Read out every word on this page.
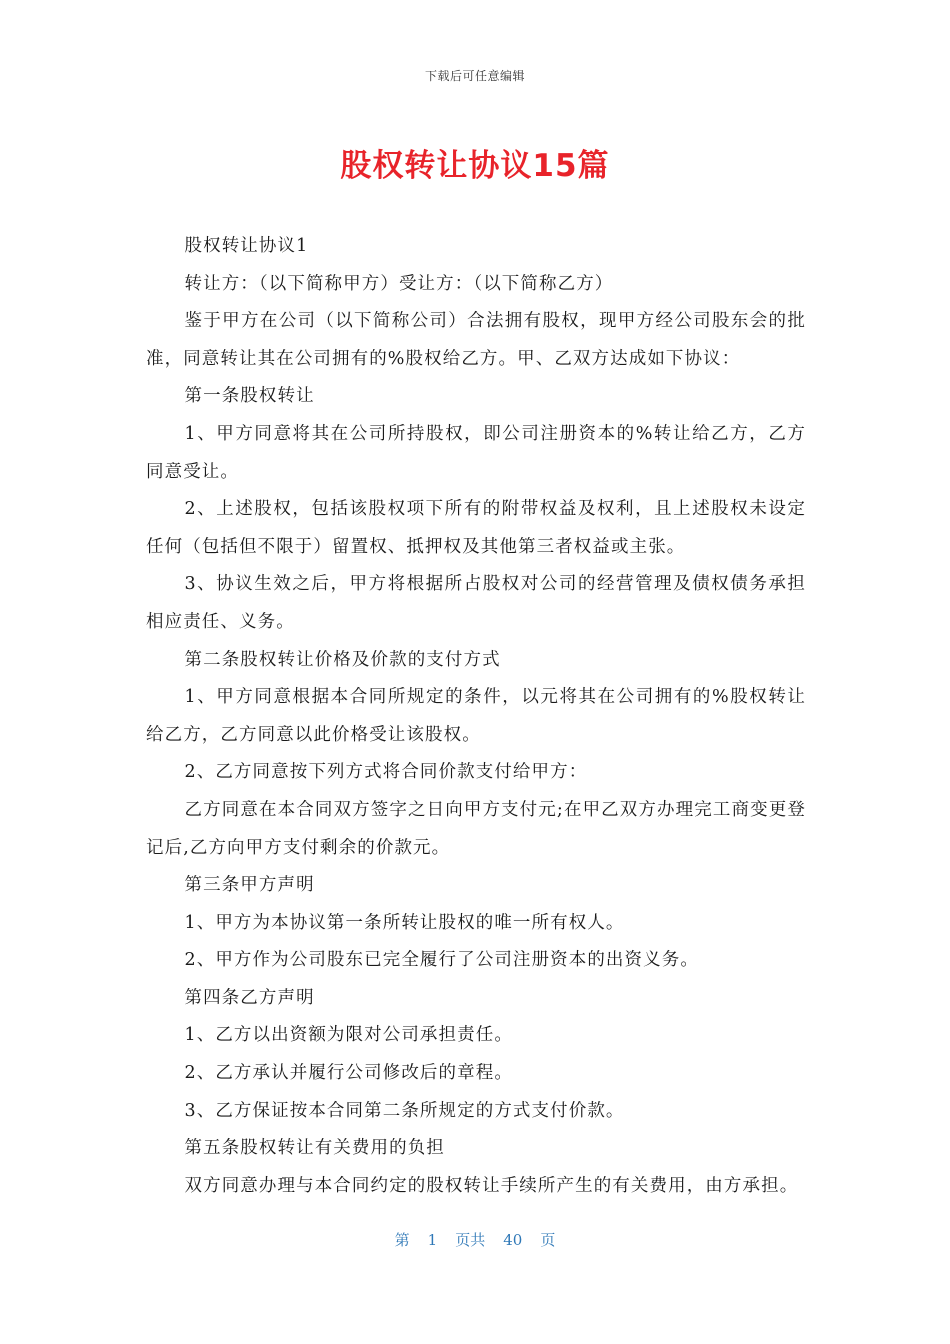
下载后可任意编辑
股权转让协议15篇

股权转让协议1

转让方：（以下简称甲方）受让方：（以下简称乙方）

鉴于甲方在公司（以下简称公司）合法拥有股权，现甲方经公司股东会的批准，同意转让其在公司拥有的%股权给乙方。甲、乙双方达成如下协议：

第一条股权转让

1、甲方同意将其在公司所持股权，即公司注册资本的%转让给乙方，乙方同意受让。

2、上述股权，包括该股权项下所有的附带权益及权利，且上述股权未设定任何（包括但不限于）留置权、抵押权及其他第三者权益或主张。

3、协议生效之后，甲方将根据所占股权对公司的经营管理及债权债务承担相应责任、义务。

第二条股权转让价格及价款的支付方式

1、甲方同意根据本合同所规定的条件，以元将其在公司拥有的%股权转让给乙方，乙方同意以此价格受让该股权。

2、乙方同意按下列方式将合同价款支付给甲方：

乙方同意在本合同双方签字之日向甲方支付元;在甲乙双方办理完工商变更登记后,乙方向甲方支付剩余的价款元。

第三条甲方声明

1、甲方为本协议第一条所转让股权的唯一所有权人。

2、甲方作为公司股东已完全履行了公司注册资本的出资义务。

第四条乙方声明

1、乙方以出资额为限对公司承担责任。

2、乙方承认并履行公司修改后的章程。

3、乙方保证按本合同第二条所规定的方式支付价款。

第五条股权转让有关费用的负担

双方同意办理与本合同约定的股权转让手续所产生的有关费用，由方承担。

第 1 页共 40 页
